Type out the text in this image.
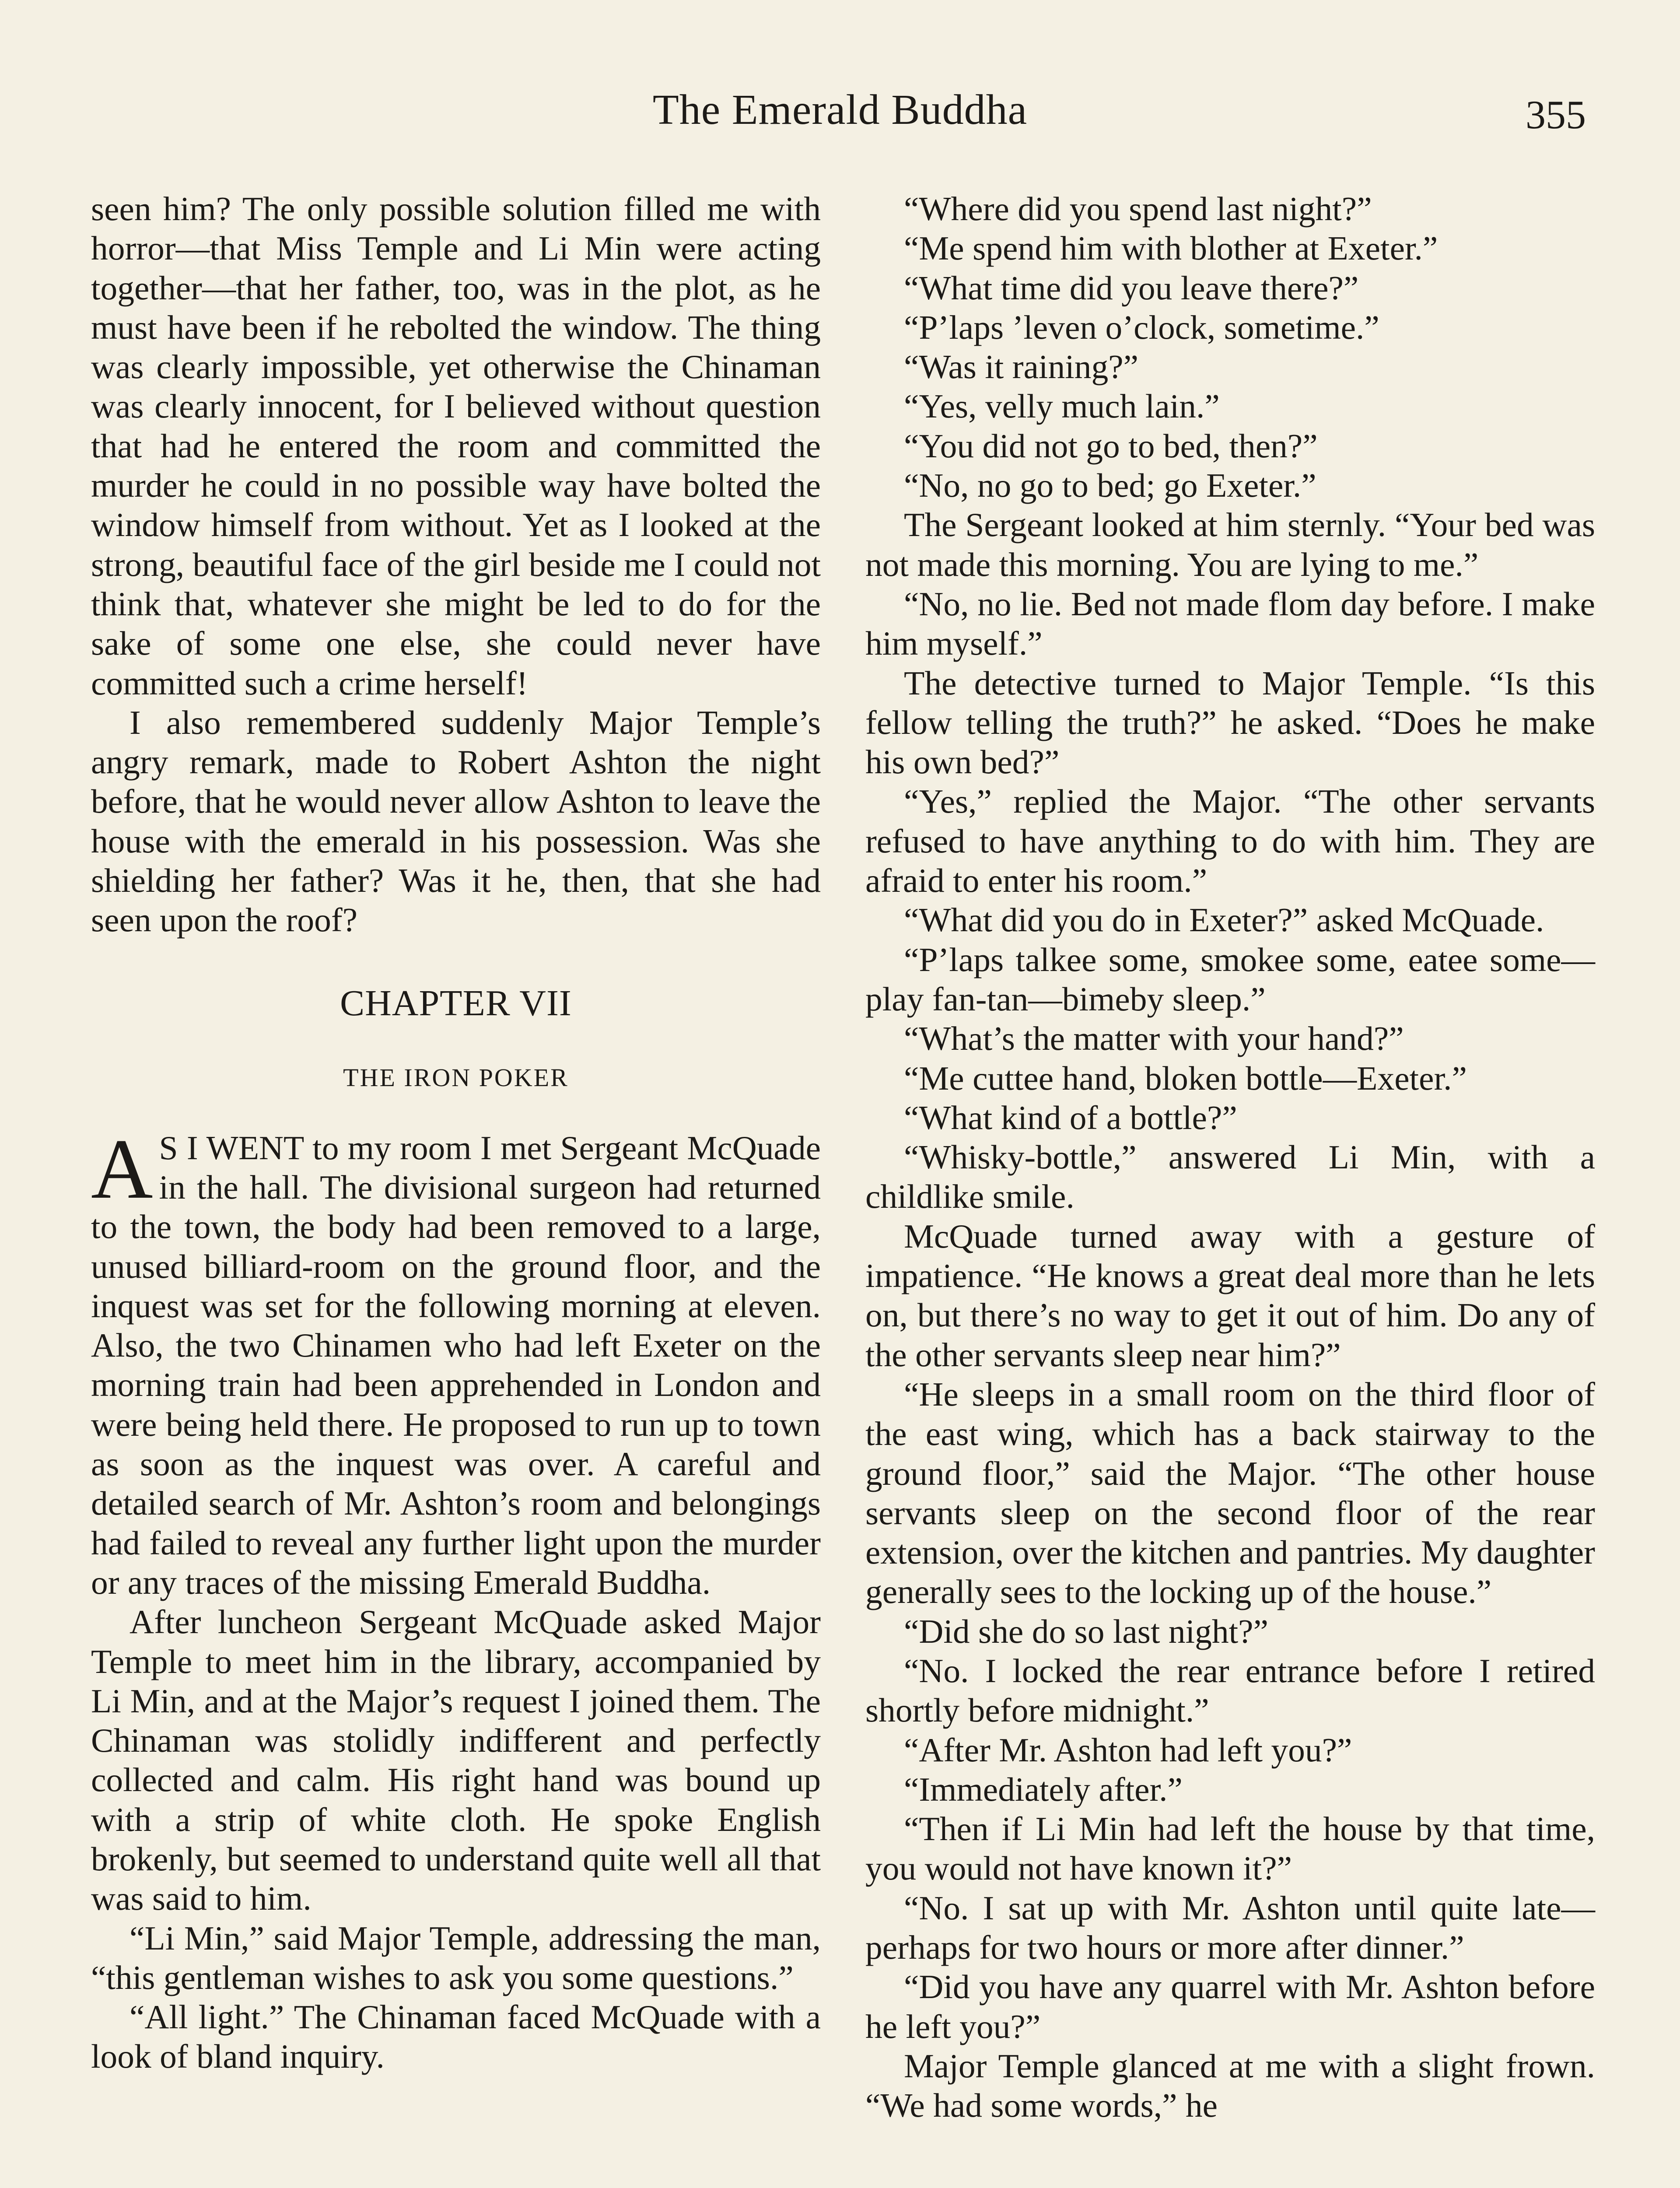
The Emerald Buddha	355

seen him? The only possible solution filled me with horror—that Miss Temple and Li Min were acting together—that her father, too, was in the plot, as he must have been if he rebolted the window. The thing was clearly impossible, yet otherwise the Chinaman was clearly innocent, for I believed without question that had he entered the room and committed the murder he could in no possible way have bolted the window himself from without. Yet as I looked at the strong, beautiful face of the girl beside me I could not think that, whatever she might be led to do for the sake of some one else, she could never have committed such a crime herself!

I also remembered suddenly Major Temple’s angry remark, made to Robert Ashton the night before, that he would never allow Ashton to leave the house with the emerald in his possession. Was she shielding her father? Was it he, then, that she had seen upon the roof?

CHAPTER VII
THE IRON POKER

A S I WENT to my room I met Sergeant McQuade in the hall. The divisional surgeon had returned to the town, the body had been removed to a large, unused billiard-room on the ground floor, and the inquest was set for the following morning at eleven. Also, the two Chinamen who had left Exeter on the morning train had been apprehended in London and were being held there. He proposed to run up to town as soon as the inquest was over. A careful and detailed search of Mr. Ashton’s room and belongings had failed to reveal any further light upon the murder or any traces of the missing Emerald Buddha.

After luncheon Sergeant McQuade asked Major Temple to meet him in the library, accompanied by Li Min, and at the Major’s request I joined them. The Chinaman was stolidly indifferent and perfectly collected and calm. His right hand was bound up with a strip of white cloth. He spoke English brokenly, but seemed to understand quite well all that was said to him.

“Li Min,” said Major Temple, addressing the man, “this gentleman wishes to ask you some questions.”

“All light.” The Chinaman faced McQuade with a look of bland inquiry.

“Where did you spend last night?”

“Me spend him with blother at Exeter.”

“What time did you leave there?”

“P’laps ’leven o’clock, sometime.”

“Was it raining?”

“Yes, velly much lain.”

“You did not go to bed, then?”

“No, no go to bed; go Exeter.”

The Sergeant looked at him sternly. “Your bed was not made this morning. You are lying to me.”

“No, no lie. Bed not made flom day before. I make him myself.”

The detective turned to Major Temple. “Is this fellow telling the truth?” he asked. “Does he make his own bed?”

“Yes,” replied the Major. “The other servants refused to have anything to do with him. They are afraid to enter his room.”

“What did you do in Exeter?” asked McQuade.

“P’laps talkee some, smokee some, eatee some—play fan-tan—bimeby sleep.”

“What’s the matter with your hand?”

“Me cuttee hand, bloken bottle—Exeter.”

“What kind of a bottle?”

“Whisky-bottle,” answered Li Min, with a childlike smile.

McQuade turned away with a gesture of impatience. “He knows a great deal more than he lets on, but there’s no way to get it out of him. Do any of the other servants sleep near him?”

“He sleeps in a small room on the third floor of the east wing, which has a back stairway to the ground floor,” said the Major. “The other house servants sleep on the second floor of the rear extension, over the kitchen and pantries. My daughter generally sees to the locking up of the house.”

“Did she do so last night?”

“No. I locked the rear entrance before I retired shortly before midnight.”

“After Mr. Ashton had left you?”

“Immediately after.”

“Then if Li Min had left the house by that time, you would not have known it?”

“No. I sat up with Mr. Ashton until quite late—perhaps for two hours or more after dinner.”

“Did you have any quarrel with Mr. Ashton before he left you?”

Major Temple glanced at me with a slight frown. “We had some words,” he
